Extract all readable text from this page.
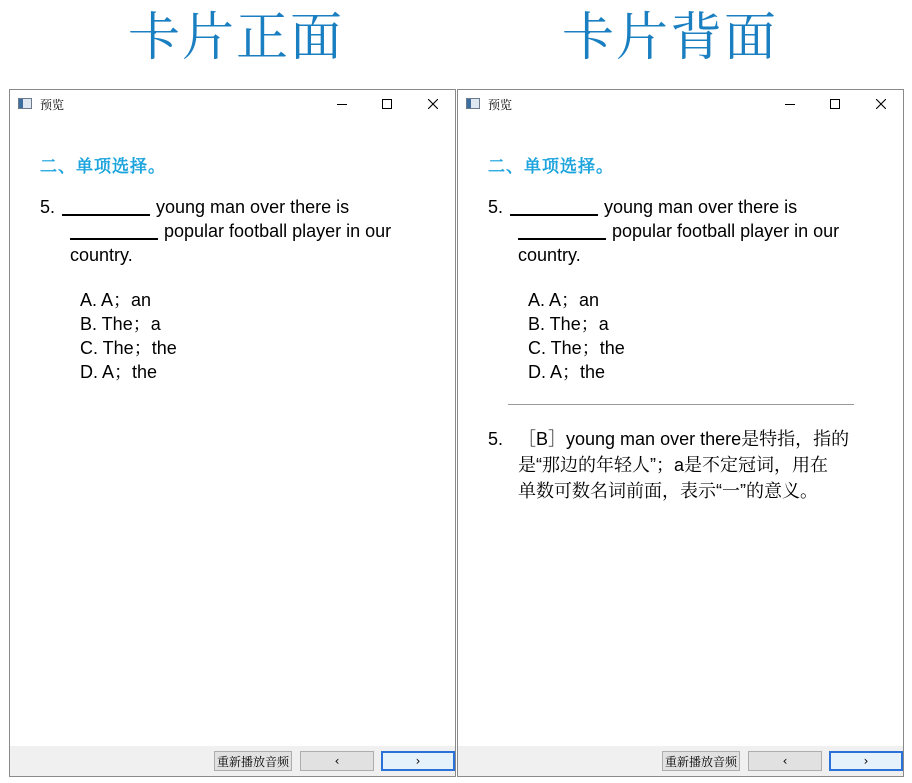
卡片正面	卡片背面
预览
二、单项选择。
5.	young man over there is
popular football player in our
country.
A. A；an
B. The；a
C. The；the
D. A；the
重新播放音频	‹	›
预览
二、单项选择。
5.	young man over there is
popular football player in our
country.
A. A；an
B. The；a
C. The；the
D. A；the
5. ［B］young man over there是特指，指的
是“那边的年轻人”；a是不定冠词，用在
单数可数名词前面，表示“一”的意义。
重新播放音频	‹	›
